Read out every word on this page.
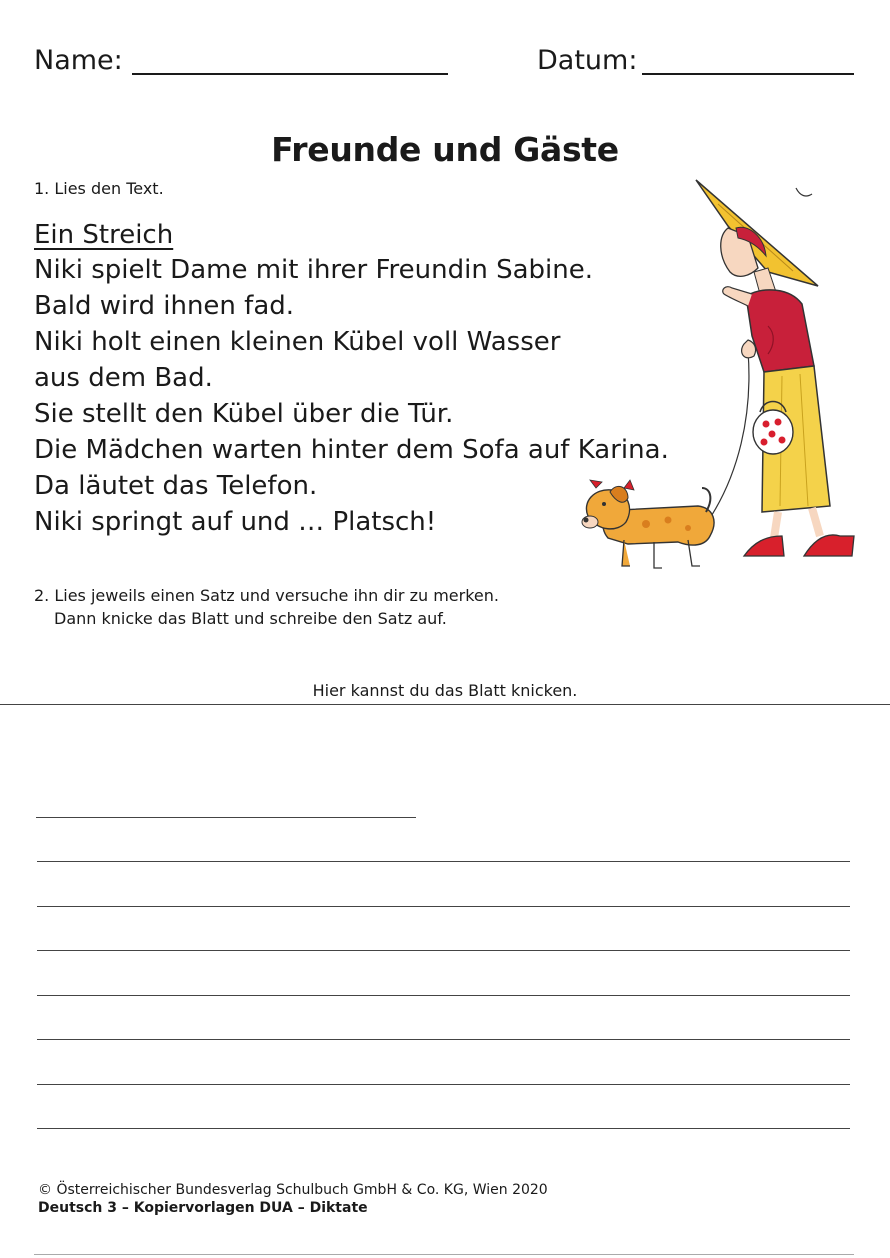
Name:	Datum:
Freunde und Gäste
1. Lies den Text.
Ein Streich
Niki spielt Dame mit ihrer Freundin Sabine.
Bald wird ihnen fad.
Niki holt einen kleinen Kübel voll Wasser
aus dem Bad.
Sie stellt den Kübel über die Tür.
Die Mädchen warten hinter dem Sofa auf Karina.
Da läutet das Telefon.
Niki springt auf und … Platsch!
2. Lies jeweils einen Satz und versuche ihn dir zu merken.
Dann knicke das Blatt und schreibe den Satz auf.
Hier kannst du das Blatt knicken.
© Österreichischer Bundesverlag Schulbuch GmbH & Co. KG, Wien 2020
Deutsch 3 – Kopiervorlagen DUA – Diktate
